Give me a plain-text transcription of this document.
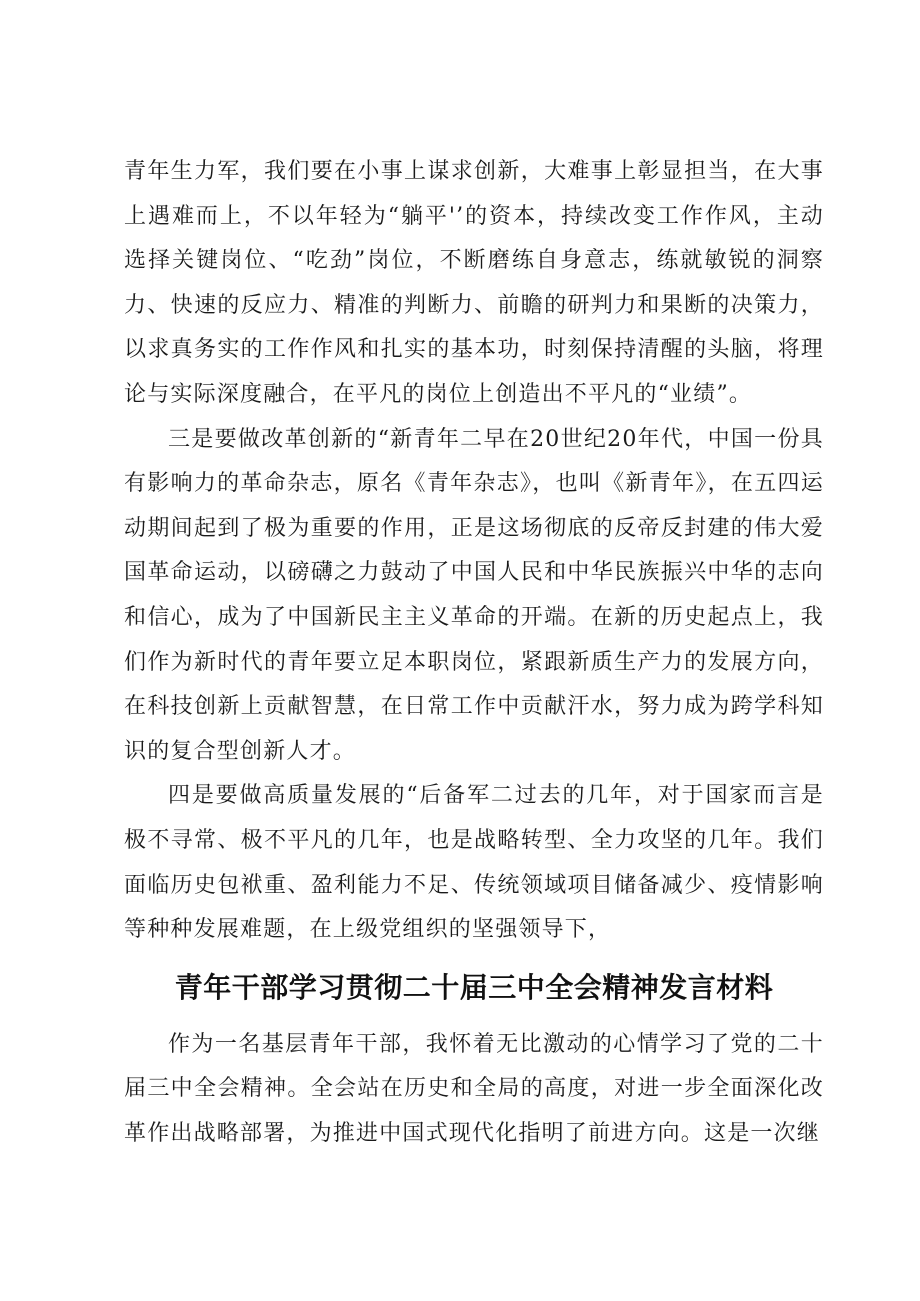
青年生力军，我们要在小事上谋求创新，大难事上彰显担当，在大事上遇难而上，不以年轻为“躺平'’的资本，持续改变工作作风，主动选择关键岗位、“吃劲”岗位，不断磨练自身意志，练就敏锐的洞察力、快速的反应力、精准的判断力、前瞻的研判力和果断的决策力，以求真务实的工作作风和扎实的基本功，时刻保持清醒的头脑，将理论与实际深度融合，在平凡的岗位上创造出不平凡的“业绩”。

三是要做改革创新的“新青年二早在20世纪20年代，中国一份具有影响力的革命杂志，原名《青年杂志》，也叫《新青年》，在五四运动期间起到了极为重要的作用，正是这场彻底的反帝反封建的伟大爱国革命运动，以磅礴之力鼓动了中国人民和中华民族振兴中华的志向和信心，成为了中国新民主主义革命的开端。在新的历史起点上，我们作为新时代的青年要立足本职岗位，紧跟新质生产力的发展方向，在科技创新上贡献智慧，在日常工作中贡献汗水，努力成为跨学科知识的复合型创新人才。

四是要做高质量发展的“后备军二过去的几年，对于国家而言是极不寻常、极不平凡的几年，也是战略转型、全力攻坚的几年。我们面临历史包袱重、盈利能力不足、传统领域项目储备减少、疫情影响等种种发展难题，在上级党组织的坚强领导下，

青年干部学习贯彻二十届三中全会精神发言材料

作为一名基层青年干部，我怀着无比激动的心情学习了党的二十届三中全会精神。全会站在历史和全局的高度，对进一步全面深化改革作出战略部署，为推进中国式现代化指明了前进方向。这是一次继
